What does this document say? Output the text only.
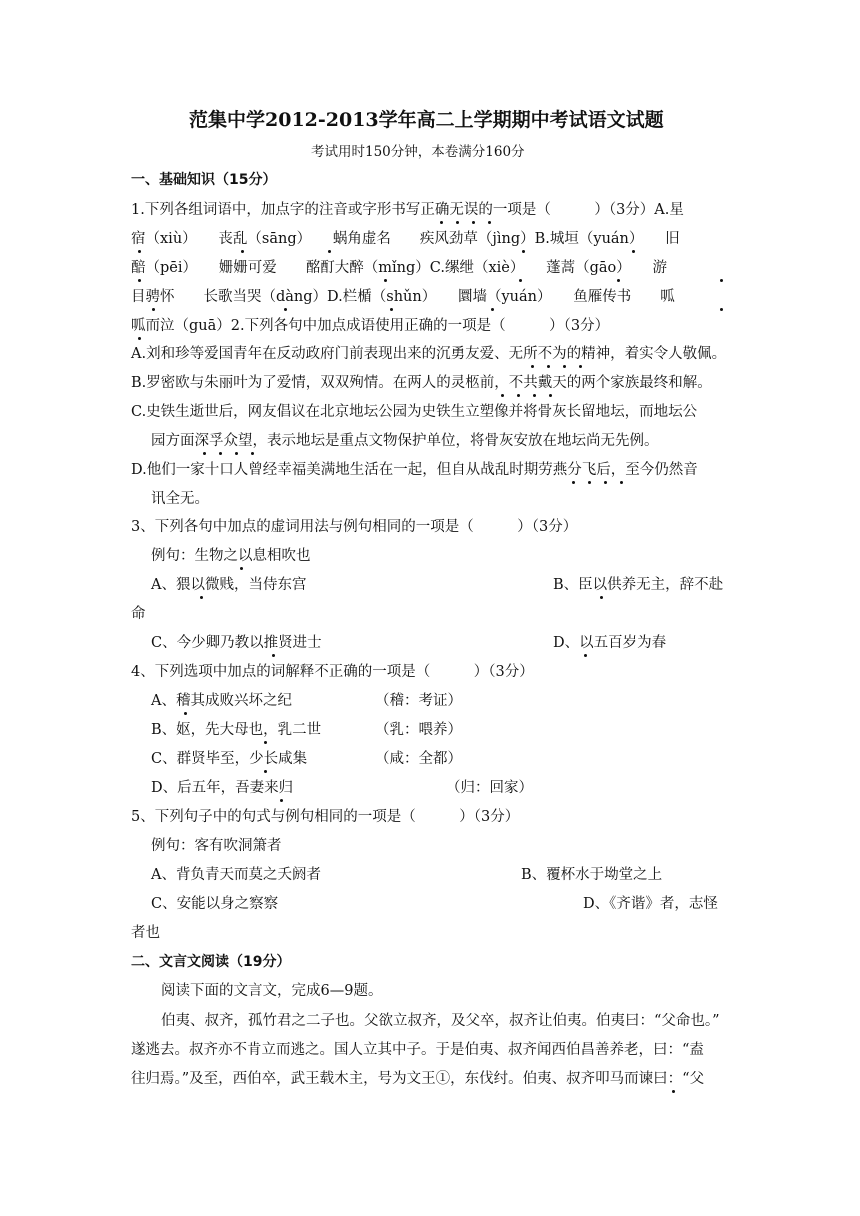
范集中学2012-2013学年高二上学期期中考试语文试题
考试用时150分钟，本卷满分160分
一、基础知识（15分）
1.下列各组词语中，加点字的注音或字形书写正确无误的一项是（　　　）（3分）A.星
宿（xiù）　　丧乱（sāng）　　蜗角虚名　　疾风劲草（jìng）B.城垣（yuán）　　旧
醅（pēi）　　姗姗可爱　　酩酊大醉（mǐng）C.缧绁（xiè）　　蓬蒿（gāo）　　游
目骋怀　　长歌当哭（dàng）D.栏楯（shǔn）　　圜墙（yuán）　　鱼雁传书　　呱
呱而泣（guā）2.下列各句中加点成语使用正确的一项是（　　　）（3分）
A.刘和珍等爱国青年在反动政府门前表现出来的沉勇友爱、无所不为的精神，着实令人敬佩。
B.罗密欧与朱丽叶为了爱情，双双殉情。在两人的灵柩前，不共戴天的两个家族最终和解。
C.史铁生逝世后，网友倡议在北京地坛公园为史铁生立塑像并将骨灰长留地坛，而地坛公
园方面深孚众望，表示地坛是重点文物保护单位，将骨灰安放在地坛尚无先例。
D.他们一家十口人曾经幸福美满地生活在一起，但自从战乱时期劳燕分飞后，至今仍然音
讯全无。
3、下列各句中加点的虚词用法与例句相同的一项是（　　　）（3分）
例句：生物之以息相吹也
A、猥以微贱，当侍东宫	B、臣以供养无主，辞不赴
命
C、今少卿乃教以推贤进士	D、以五百岁为春
4、下列选项中加点的词解释不正确的一项是（　　　）（3分）
A、稽其成败兴坏之纪	（稽：考证）
B、妪，先大母也，乳二世	（乳：喂养）
C、群贤毕至，少长咸集	（咸：全都）
D、后五年，吾妻来归	（归：回家）
5、下列句子中的句式与例句相同的一项是（　　　）（3分）
例句：客有吹洞箫者
A、背负青天而莫之夭阏者	B、覆杯水于坳堂之上
C、安能以身之察察	D、《齐谐》者，志怪
者也
二、文言文阅读（19分）
阅读下面的文言文，完成6—9题。
伯夷、叔齐，孤竹君之二子也。父欲立叔齐，及父卒，叔齐让伯夷。伯夷曰：“父命也。”
遂逃去。叔齐亦不肯立而逃之。国人立其中子。于是伯夷、叔齐闻西伯昌善养老，曰：“盍
往归焉。”及至，西伯卒，武王载木主，号为文王①，东伐纣。伯夷、叔齐叩马而谏曰：“父
